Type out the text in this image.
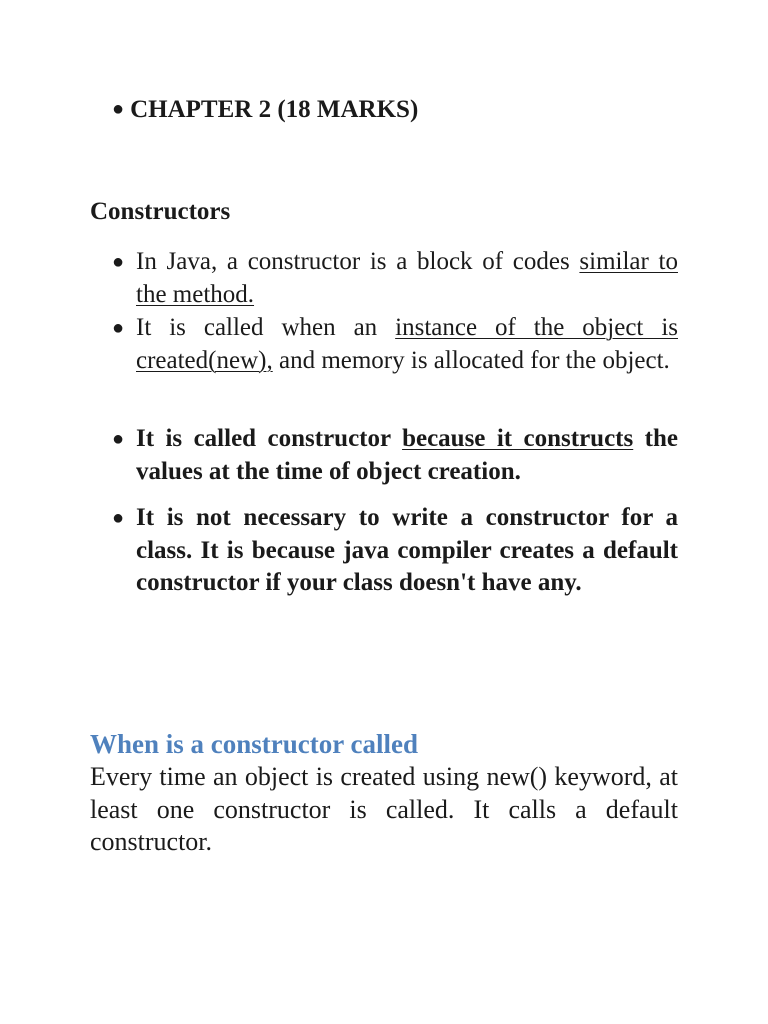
● CHAPTER 2 (18 MARKS)
Constructors
● In Java, a constructor is a block of codes similar to the method.
● It is called when an instance of the object is created(new), and memory is allocated for the object.
● It is called constructor because it constructs the values at the time of object creation.
● It is not necessary to write a constructor for a class. It is because java compiler creates a default constructor if your class doesn't have any.
When is a constructor called
Every time an object is created using new() keyword, at least one constructor is called. It calls a default constructor.
